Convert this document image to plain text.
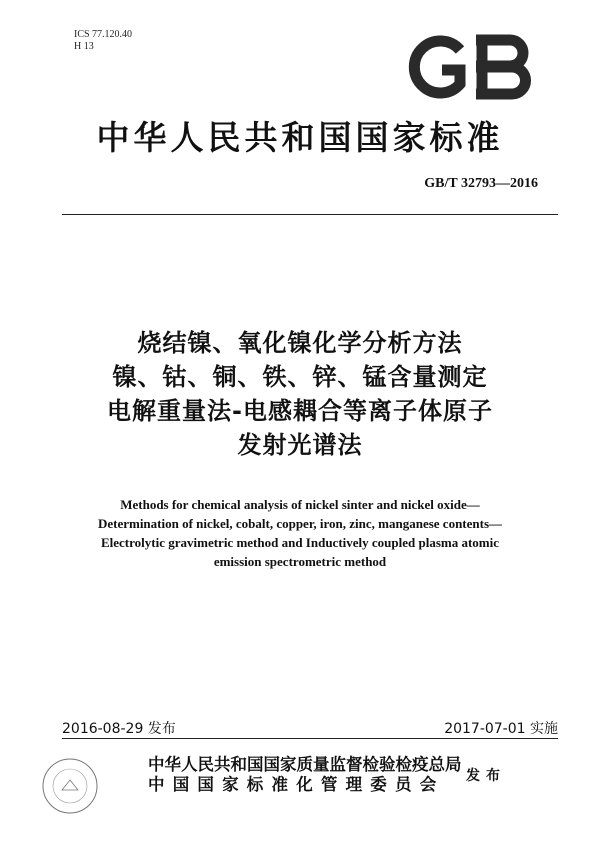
ICS 77.120.40
H 13
GB
中华人民共和国国家标准
GB/T 32793—2016
烧结镍、氧化镍化学分析方法
镍、钴、铜、铁、锌、锰含量测定
电解重量法-电感耦合等离子体原子
发射光谱法
Methods for chemical analysis of nickel sinter and nickel oxide—
Determination of nickel, cobalt, copper, iron, zinc, manganese contents—
Electrolytic gravimetric method and Inductively coupled plasma atomic
emission spectrometric method
2016-08-29 发布	2017-07-01 实施
中华人民共和国国家质量监督检验检疫总局
中国国家标准化管理委员会	发布
